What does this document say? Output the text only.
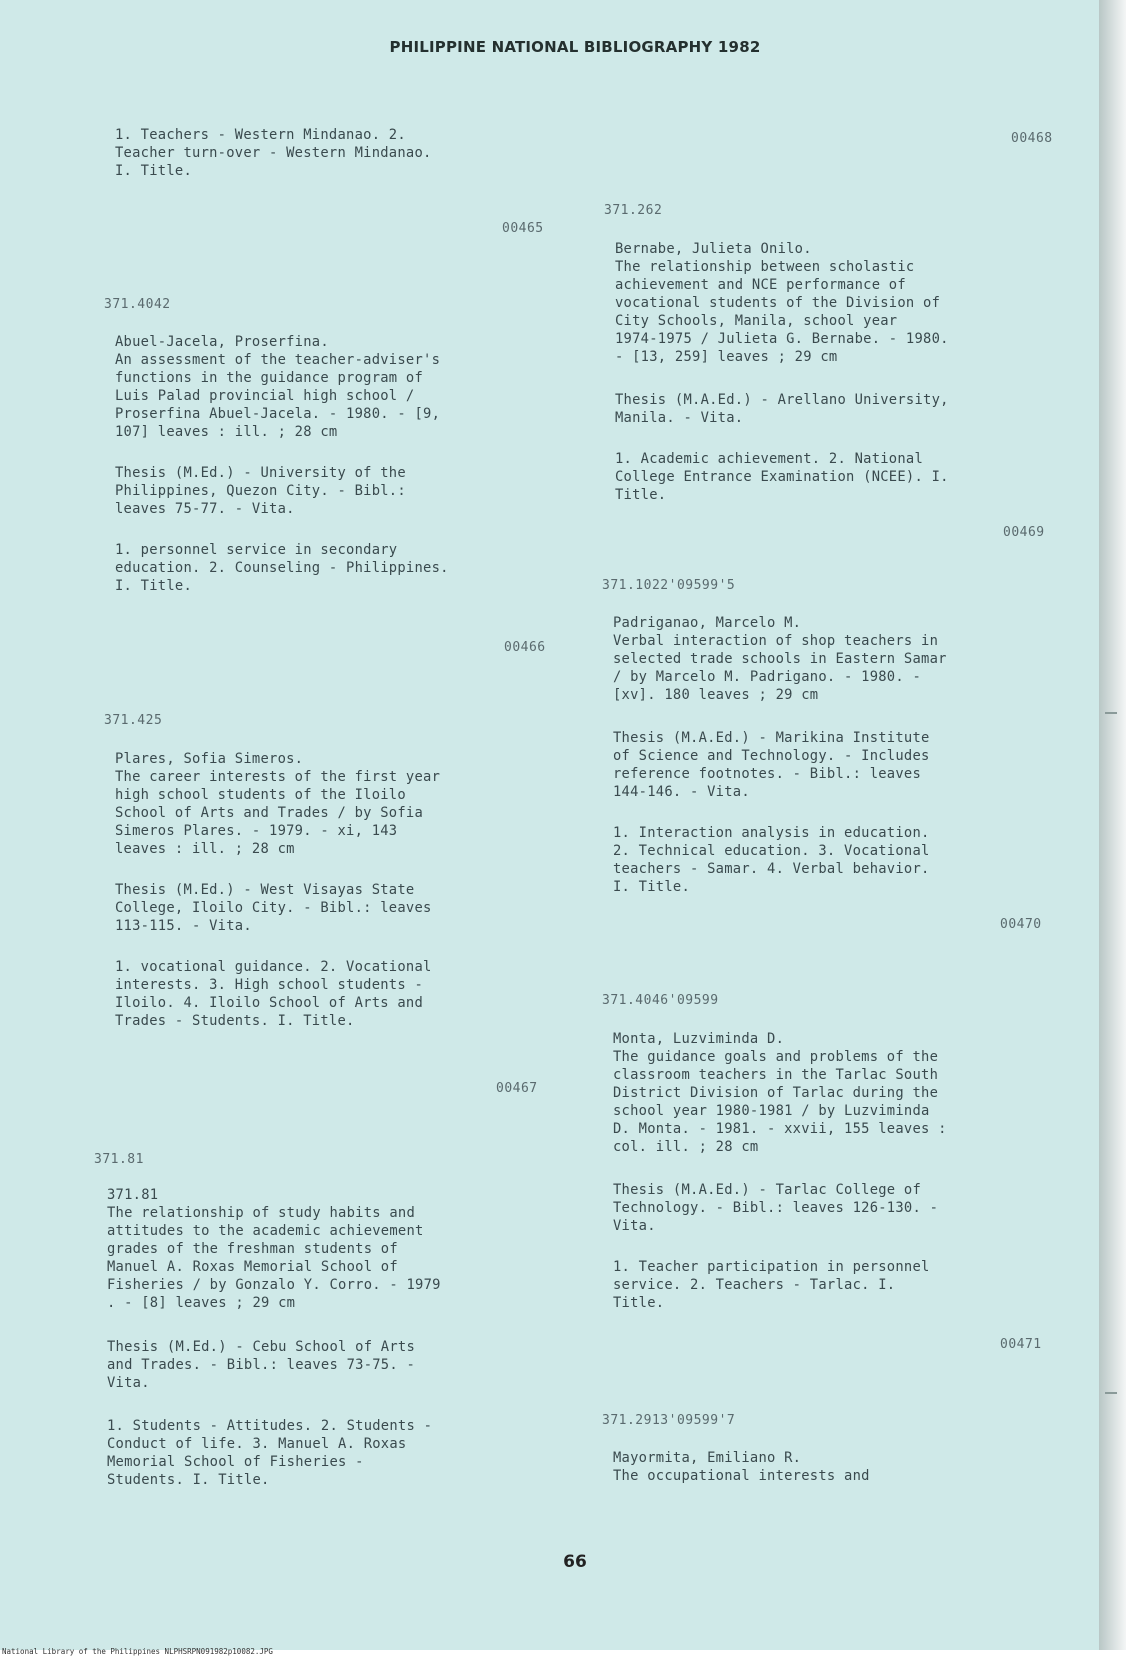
PHILIPPINE NATIONAL BIBLIOGRAPHY 1982
1. Teachers - Western Mindanao. 2.
Teacher turn-over - Western Mindanao.
I. Title.
00465
371.4042
Abuel-Jacela, Proserfina.
An assessment of the teacher-adviser's
functions in the guidance program of
Luis Palad provincial high school /
Proserfina Abuel-Jacela. - 1980. - [9,
107] leaves : ill. ; 28 cm
Thesis (M.Ed.) - University of the
Philippines, Quezon City. - Bibl.:
leaves 75-77. - Vita.
1. personnel service in secondary
education. 2. Counseling - Philippines.
I. Title.
00466
371.425
Plares, Sofia Simeros.
The career interests of the first year
high school students of the Iloilo
School of Arts and Trades / by Sofia
Simeros Plares. - 1979. - xi, 143
leaves : ill. ; 28 cm
Thesis (M.Ed.) - West Visayas State
College, Iloilo City. - Bibl.: leaves
113-115. - Vita.
1. vocational guidance. 2. Vocational
interests. 3. High school students -
Iloilo. 4. Iloilo School of Arts and
Trades - Students. I. Title.
00467
371.81
371.81
The relationship of study habits and
attitudes to the academic achievement
grades of the freshman students of
Manuel A. Roxas Memorial School of
Fisheries / by Gonzalo Y. Corro. - 1979
. - [8] leaves ; 29 cm
Thesis (M.Ed.) - Cebu School of Arts
and Trades. - Bibl.: leaves 73-75. -
Vita.
1. Students - Attitudes. 2. Students -
Conduct of life. 3. Manuel A. Roxas
Memorial School of Fisheries -
Students. I. Title.
00468
371.262
Bernabe, Julieta Onilo.
The relationship between scholastic
achievement and NCE performance of
vocational students of the Division of
City Schools, Manila, school year
1974-1975 / Julieta G. Bernabe. - 1980.
- [13, 259] leaves ; 29 cm
Thesis (M.A.Ed.) - Arellano University,
Manila. - Vita.
1. Academic achievement. 2. National
College Entrance Examination (NCEE). I.
Title.
00469
371.1022'09599'5
Padriganao, Marcelo M.
Verbal interaction of shop teachers in
selected trade schools in Eastern Samar
/ by Marcelo M. Padrigano. - 1980. -
[xv]. 180 leaves ; 29 cm
Thesis (M.A.Ed.) - Marikina Institute
of Science and Technology. - Includes
reference footnotes. - Bibl.: leaves
144-146. - Vita.
1. Interaction analysis in education.
2. Technical education. 3. Vocational
teachers - Samar. 4. Verbal behavior.
I. Title.
00470
371.4046'09599
Monta, Luzviminda D.
The guidance goals and problems of the
classroom teachers in the Tarlac South
District Division of Tarlac during the
school year 1980-1981 / by Luzviminda
D. Monta. - 1981. - xxvii, 155 leaves :
col. ill. ; 28 cm
Thesis (M.A.Ed.) - Tarlac College of
Technology. - Bibl.: leaves 126-130. -
Vita.
1. Teacher participation in personnel
service. 2. Teachers - Tarlac. I.
Title.
00471
371.2913'09599'7
Mayormita, Emiliano R.
The occupational interests and
66
National Library of the Philippines NLPHSRPN091982p10082.JPG
